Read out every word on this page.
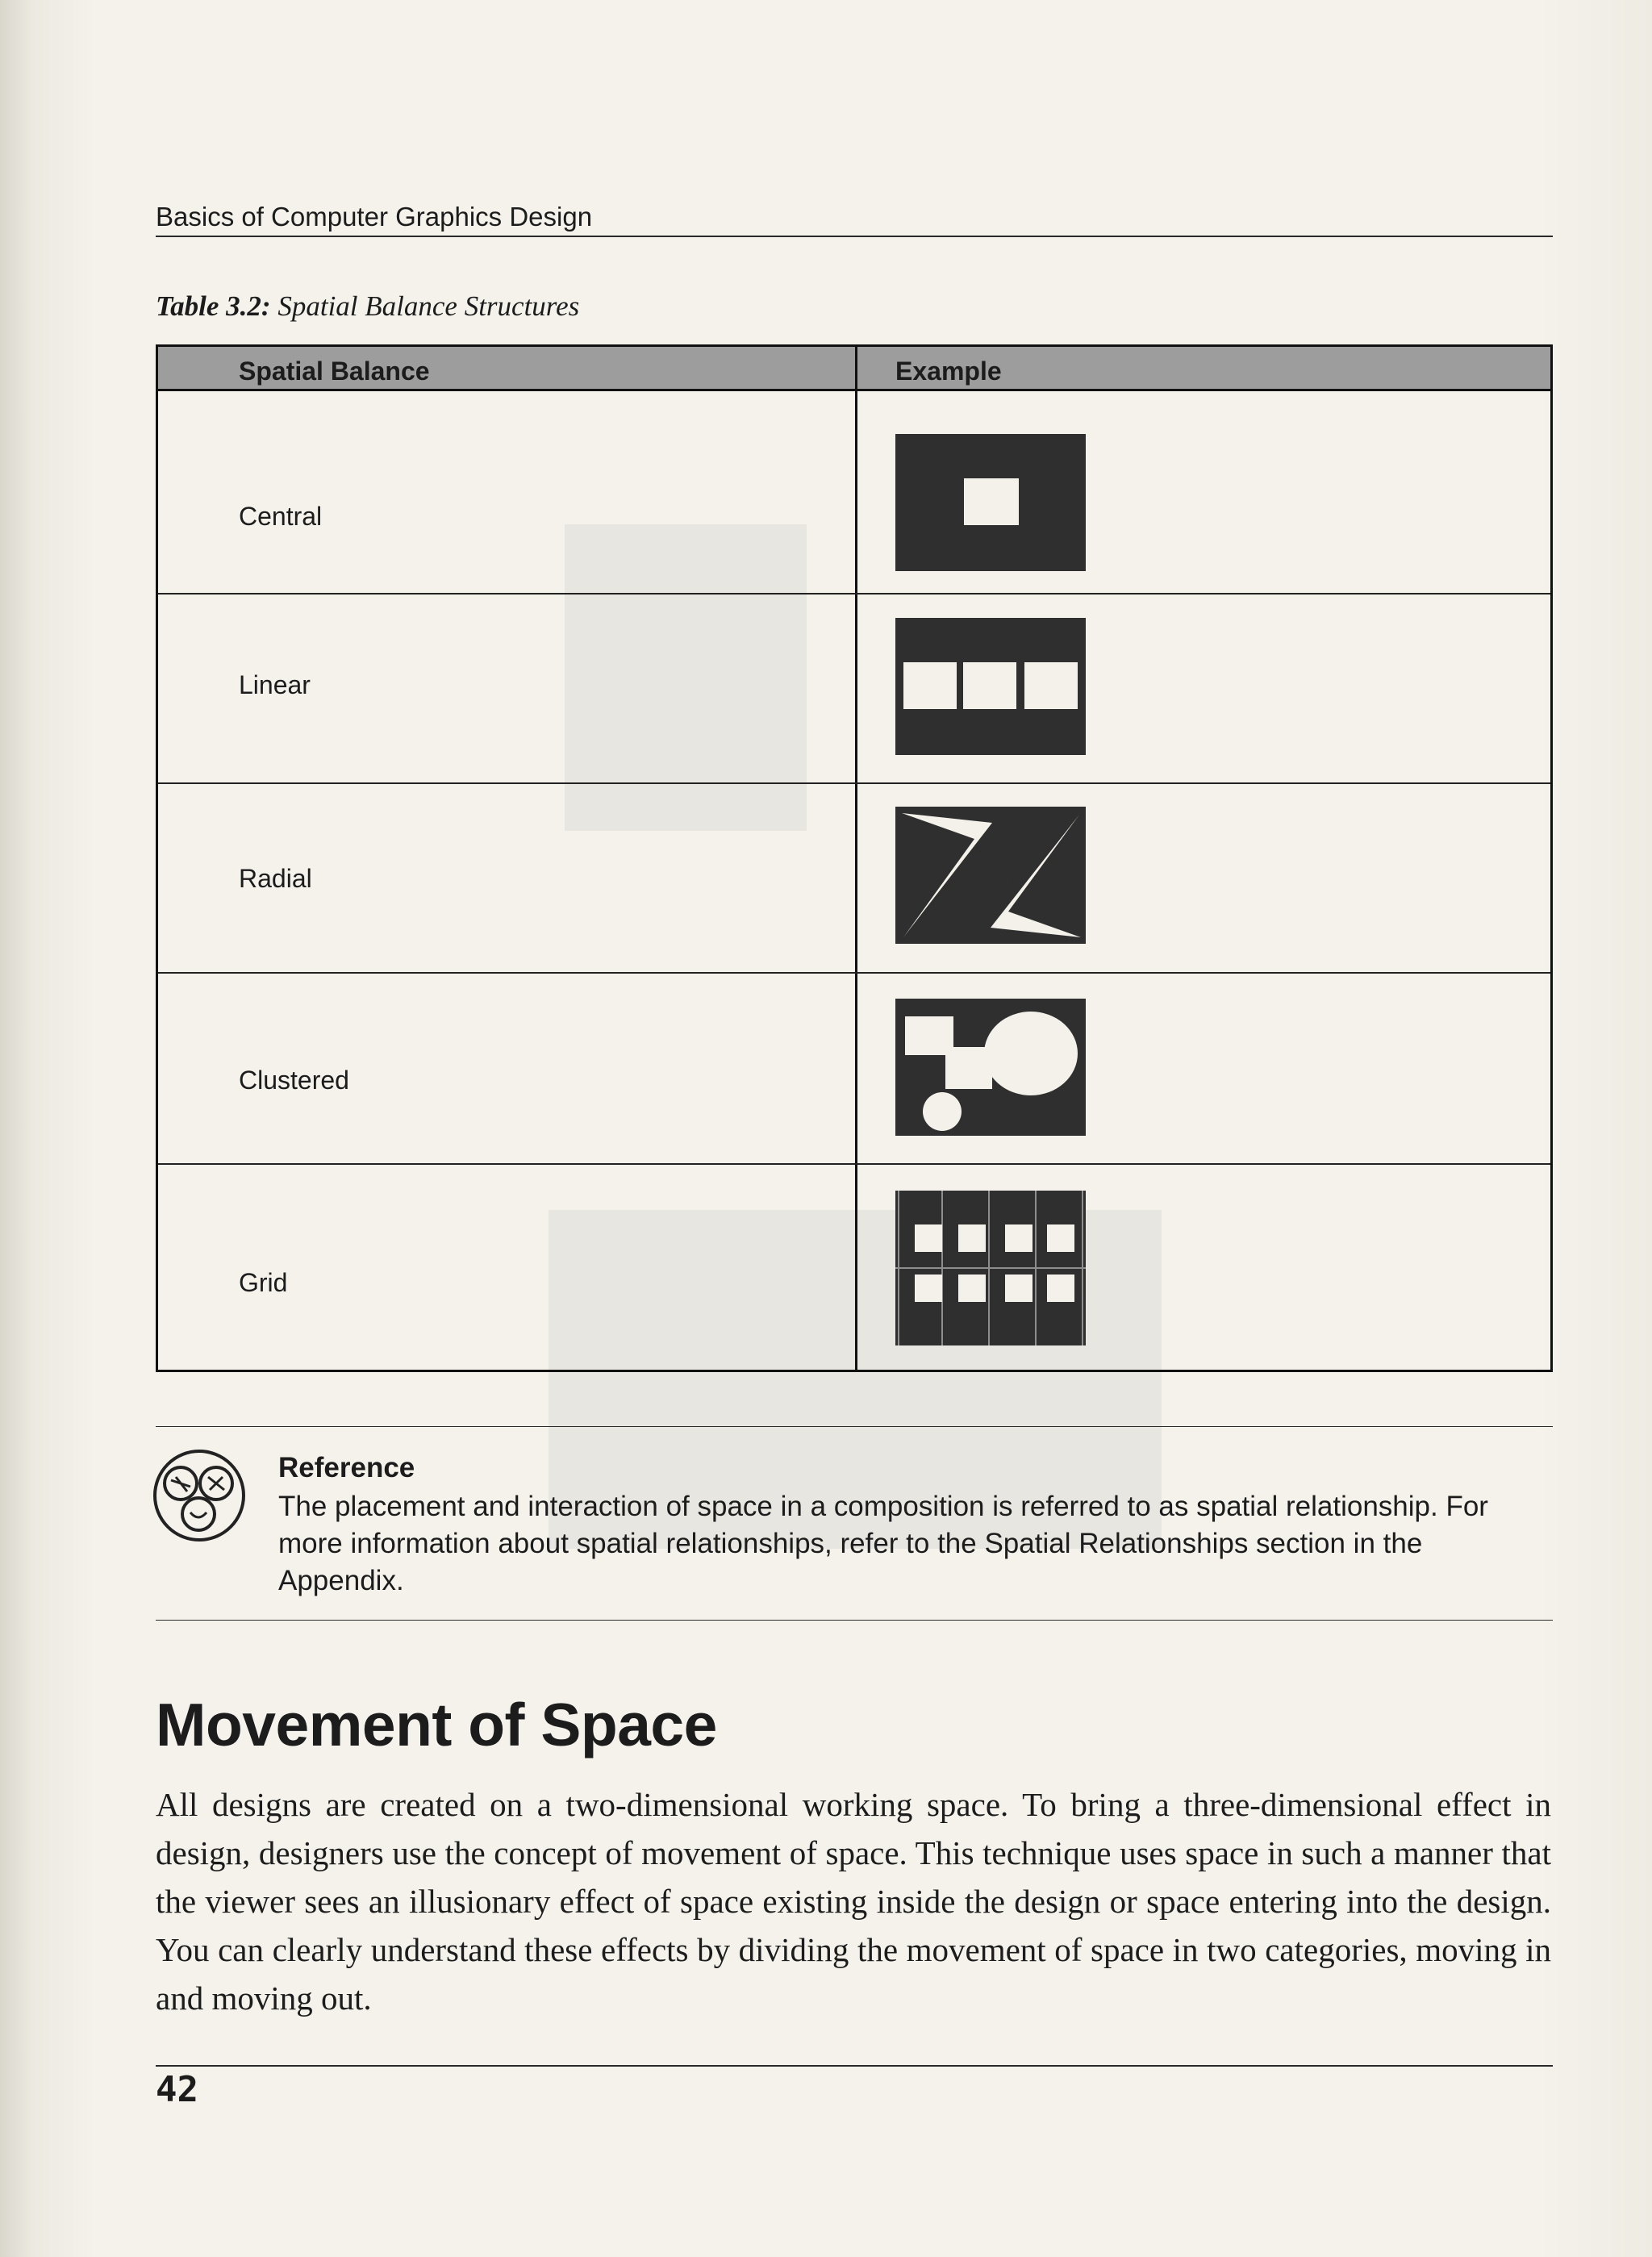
Basics of Computer Graphics Design
Table 3.2: Spatial Balance Structures
Spatial Balance	Example
Central
Linear
Radial
Clustered
Grid
Reference
The placement and interaction of space in a composition is referred to as spatial relationship. For more information about spatial relationships, refer to the Spatial Relationships section in the Appendix.
Movement of Space
All designs are created on a two-dimensional working space. To bring a three-dimensional effect in design, designers use the concept of movement of space. This technique uses space in such a manner that the viewer sees an illusionary effect of space existing inside the design or space entering into the design. You can clearly understand these effects by dividing the movement of space in two categories, moving in and moving out.
42
